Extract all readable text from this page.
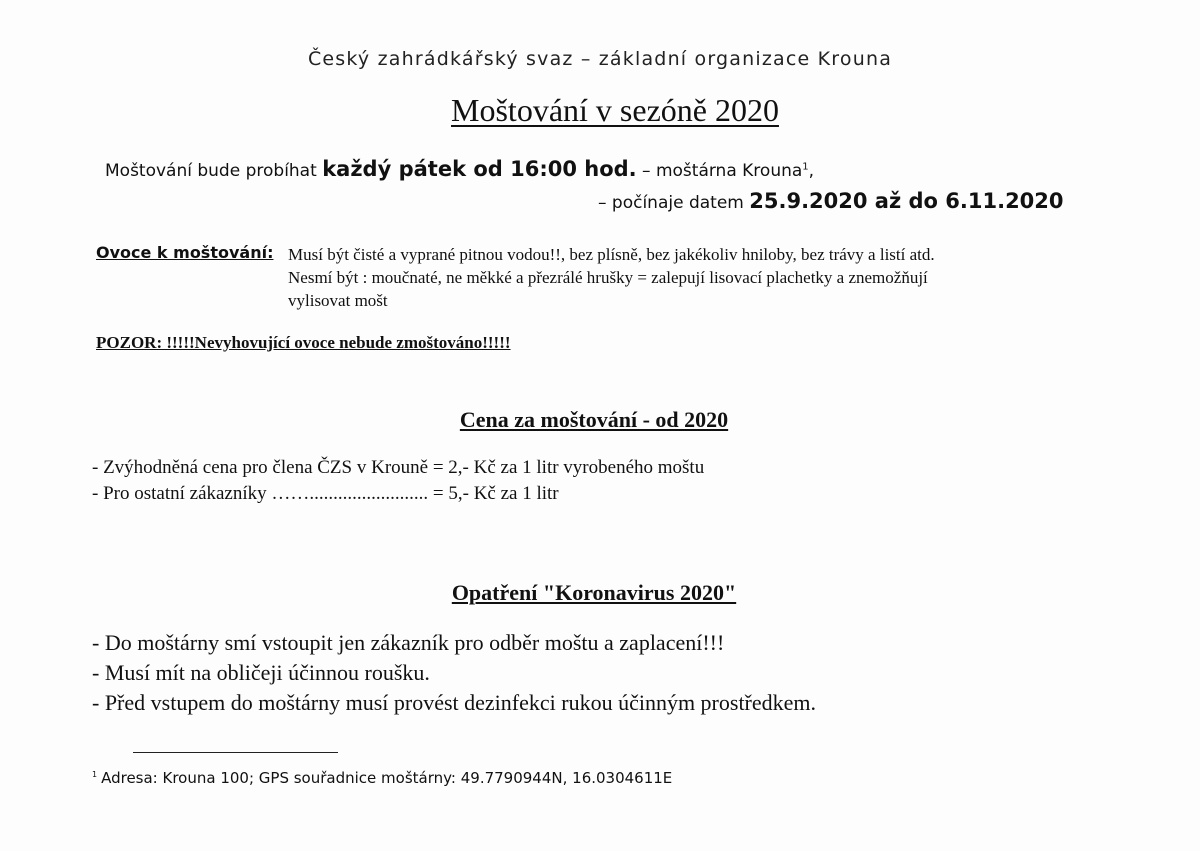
Český zahrádkářský svaz – základní organizace Krouna
Moštování v sezóně 2020
Moštování bude probíhat každý pátek od 16:00 hod. – moštárna Krouna$^1$,
– počínaje datem 25.9.2020 až do 6.11.2020
Ovoce k moštování: Musí být čisté a vyprané pitnou vodou!!, bez plísně, bez jakékoliv hniloby, bez trávy a listí atd.
Nesmí být : moučnaté, ne měkké a přezrálé hrušky = zalepují lisovací plachetky a znemožňují
vylisovat mošt
POZOR: !!!!!Nevyhovující ovoce nebude zmoštováno!!!!!
Cena za moštování - od 2020
- Zvýhodněná cena pro člena ČZS v Krouně = 2,- Kč za 1 litr vyrobeného moštu
- Pro ostatní zákazníky ……......................... = 5,- Kč za 1 litr
Opatření "Koronavirus 2020"
- Do moštárny smí vstoupit jen zákazník pro odběr moštu a zaplacení!!!
- Musí mít na obličeji účinnou roušku.
- Před vstupem do moštárny musí provést dezinfekci rukou účinným prostředkem.
$^1$ Adresa: Krouna 100; GPS souřadnice moštárny: 49.7790944N, 16.0304611E
